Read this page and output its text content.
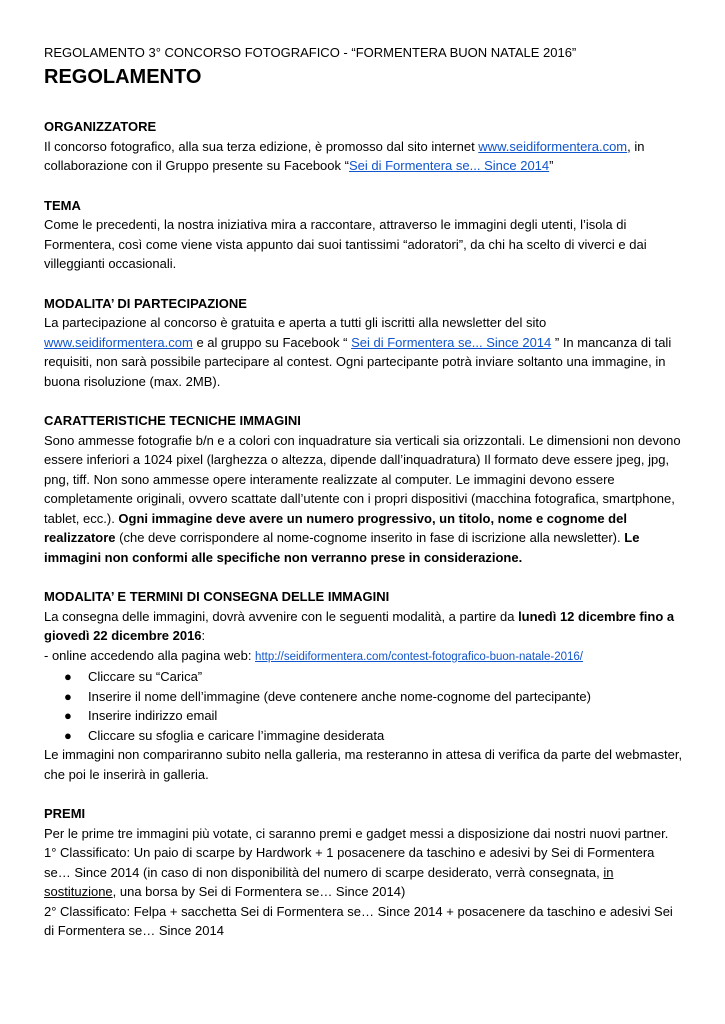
REGOLAMENTO 3° CONCORSO FOTOGRAFICO - “FORMENTERA BUON NATALE 2016”
REGOLAMENTO
ORGANIZZATORE

Il concorso fotografico, alla sua terza edizione, è promosso dal sito internet www.seidiformentera.com, in collaborazione con il Gruppo presente su Facebook “Sei di Formentera se... Since 2014”

TEMA

Come le precedenti, la nostra iniziativa mira a raccontare, attraverso le immagini degli utenti, l’isola di Formentera, così come viene vista appunto dai suoi tantissimi “adoratori”, da chi ha scelto di viverci e dai villeggianti occasionali.

MODALITA’ DI PARTECIPAZIONE

La partecipazione al concorso è gratuita e aperta a tutti gli iscritti alla newsletter del sito www.seidiformentera.com e al gruppo su Facebook “ Sei di Formentera se... Since 2014 ” In mancanza di tali requisiti, non sarà possibile partecipare al contest. Ogni partecipante potrà inviare soltanto una immagine, in buona risoluzione (max. 2MB).

CARATTERISTICHE TECNICHE IMMAGINI

Sono ammesse fotografie b/n e a colori con inquadrature sia verticali sia orizzontali. Le dimensioni non devono essere inferiori a 1024 pixel (larghezza o altezza, dipende dall’inquadratura) Il formato deve essere jpeg, jpg, png, tiff. Non sono ammesse opere interamente realizzate al computer. Le immagini devono essere completamente originali, ovvero scattate dall’utente con i propri dispositivi (macchina fotografica, smartphone, tablet, ecc.). Ogni immagine deve avere un numero progressivo, un titolo, nome e cognome del realizzatore (che deve corrispondere al nome-cognome inserito in fase di iscrizione alla newsletter). Le immagini non conformi alle specifiche non verranno prese in considerazione.

MODALITA’ E TERMINI DI CONSEGNA DELLE IMMAGINI

La consegna delle immagini, dovrà avvenire con le seguenti modalità, a partire da lunedì 12 dicembre fino a giovedì 22 dicembre 2016:

- online accedendo alla pagina web: http://seidiformentera.com/contest-fotografico-buon-natale-2016/

● Cliccare su “Carica”
● Inserire il nome dell’immagine (deve contenere anche nome-cognome del partecipante)
● Inserire indirizzo email
● Cliccare su sfoglia e caricare l’immagine desiderata

Le immagini non compariranno subito nella galleria, ma resteranno in attesa di verifica da parte del webmaster, che poi le inserirà in galleria.

PREMI

Per le prime tre immagini più votate, ci saranno premi e gadget messi a disposizione dai nostri nuovi partner.

1° Classificato: Un paio di scarpe by Hardwork + 1 posacenere da taschino e adesivi by Sei di Formentera se… Since 2014 (in caso di non disponibilità del numero di scarpe desiderato, verrà consegnata, in sostituzione, una borsa by Sei di Formentera se… Since 2014)

2° Classificato: Felpa + sacchetta Sei di Formentera se… Since 2014 + posacenere da taschino e adesivi Sei di Formentera se… Since 2014
